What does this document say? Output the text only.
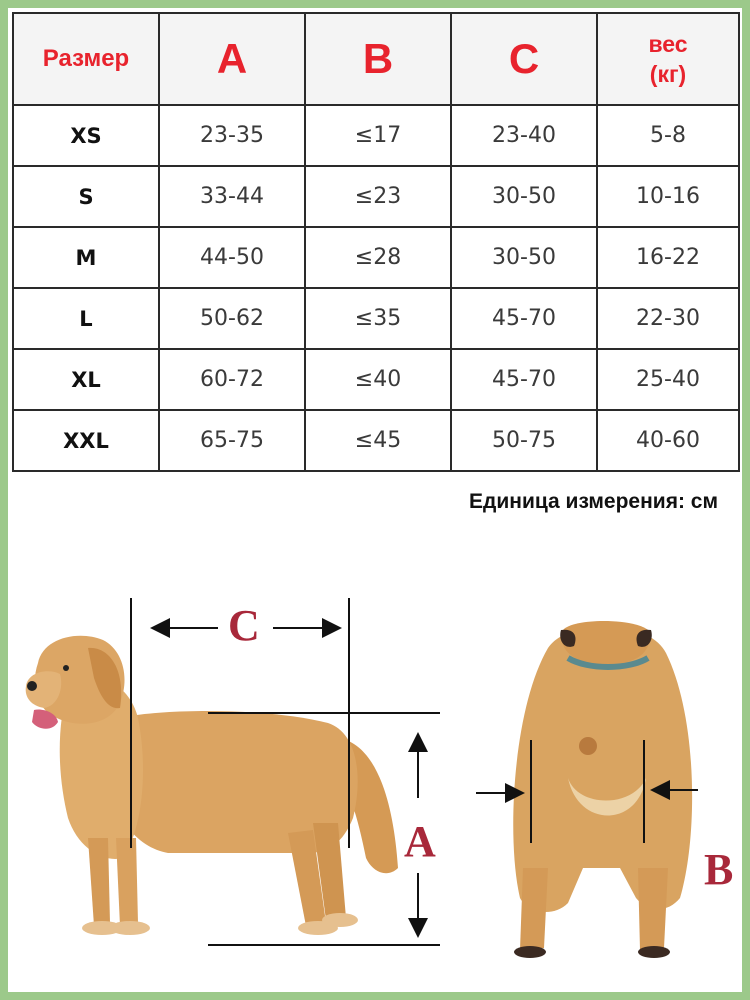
Размер	A	B	C	вес
(кг)

XS	23-35	≤17	23-40	5-8
S	33-44	≤23	30-50	10-16
M	44-50	≤28	30-50	16-22
L	50-62	≤35	45-70	22-30
XL	60-72	≤40	45-70	25-40
XXL	65-75	≤45	50-75	40-60
Единица измерения: см
C
A
B
